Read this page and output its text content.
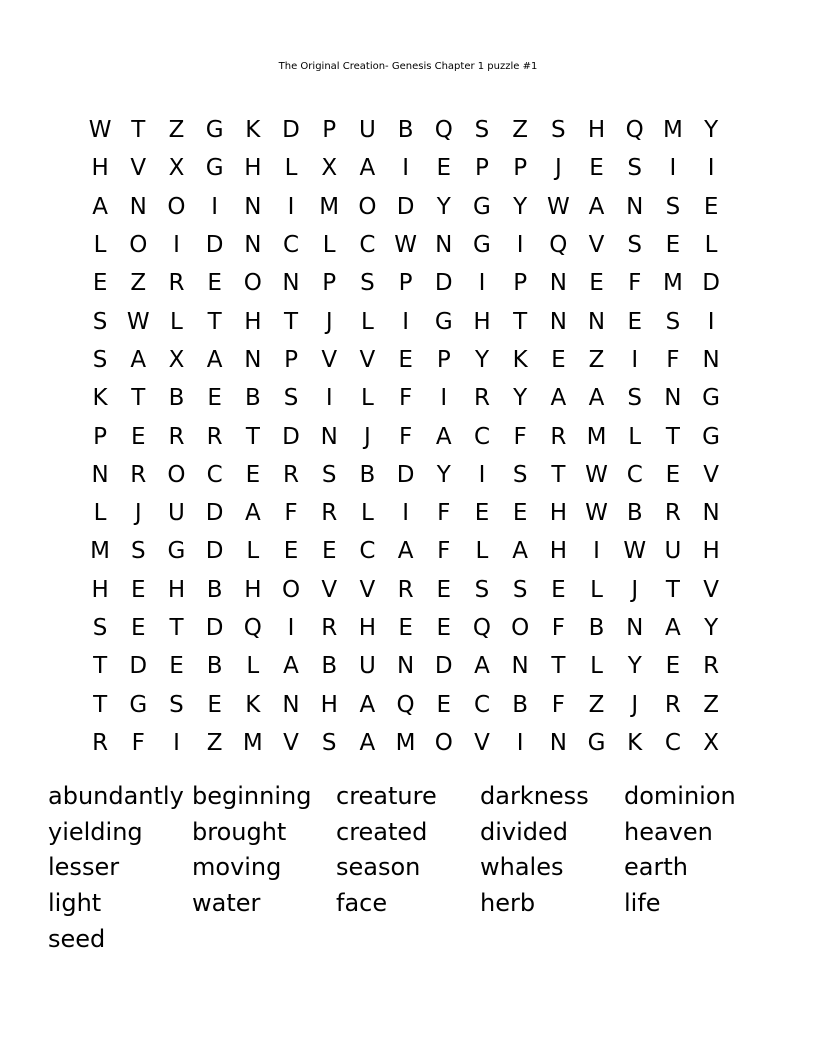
The Original Creation- Genesis Chapter 1 puzzle #1
W T	Z G K D P U B Q S	Z	S H Q M Y
H V X G H	L	X A	I	E	P	P	J	E	S	I	I
A N O	I	N	I	M O D Y G Y W A N S	E
L O	I	D N C	L	C W N G	I	Q V	S	E	L
E	Z R E O N P	S	P D	I	P N E	F M D
S W L	T H T	J	L	I	G H T N N E	S	I
S	A X A N P	V V	E	P	Y	K	E	Z	I	F N
K	T	B	E	B S	I	L	F	I	R	Y	A A	S N G
P	E R R	T D N	J	F	A C	F	R M L	T G
N R O C E R S	B D Y	I	S	T W C E	V
L	J	U D A	F	R	L	I	F	E	E H W B R N
M S G D L	E	E C A	F	L	A H	I	W U H
H E H B H O V V R E	S	S	E	L	J	T	V
S	E	T D Q	I	R H E	E Q O F	B N A	Y
T D E	B	L	A B U N D A N T	L	Y	E R
T G S	E	K N H A Q E C B	F	Z	J	R Z
R	F	I	Z M V	S	A M O V	I	N G K C X
abundantly beginning	creature	darkness	dominion
yielding	brought	created	divided	heaven
lesser	moving	season	whales	earth
light	water	face	herb	life
seed
